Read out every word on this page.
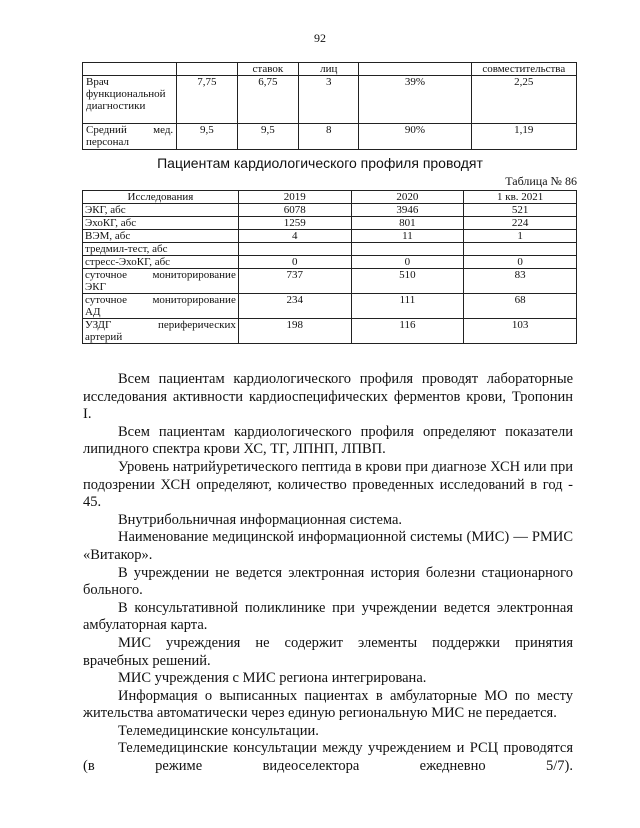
92
		ставок	лиц		совместительства
Врач функциональной диагностики	7,75	6,75	3	39%	2,25
Средний мед. персонал	9,5	9,5	8	90%	1,19
Пациентам кардиологического профиля проводят
Таблица № 86
Исследования	2019	2020	1 кв. 2021
ЭКГ, абс	6078	3946	521
ЭхоКГ, абс	1259	801	224
ВЭМ, абс	4	11	1
тредмил-тест, абс			
стресс-ЭхоКГ, абс	0	0	0

суточное мониторирование
ЭКГ	737	510	83

суточное мониторирование
АД	234	111	68

УЗДГ периферических
артерий	198	116	103

Всем пациентам кардиологического профиля проводят лабораторные исследования активности кардиоспецифических ферментов крови, Тропонин I.

Всем пациентам кардиологического профиля определяют показатели липидного спектра крови ХС, ТГ, ЛПНП, ЛПВП.

Уровень натрийуретического пептида в крови при диагнозе ХСН или при подозрении ХСН определяют, количество проведенных исследований в год - 45.

Внутрибольничная информационная система.

Наименование медицинской информационной системы (МИС) — РМИС «Витакор».

В учреждении не ведется электронная история болезни стационарного больного.

В консультативной поликлинике при учреждении ведется электронная амбулаторная карта.

МИС учреждения не содержит элементы поддержки принятия врачебных решений.

МИС учреждения с МИС региона интегрирована.

Информация о выписанных пациентах в амбулаторные МО по месту жительства автоматически через единую региональную МИС не передается.

Телемедицинские консультации.

Телемедицинские консультации между учреждением и РСЦ проводятся (в режиме видеоселектора ежедневно 5/7).
